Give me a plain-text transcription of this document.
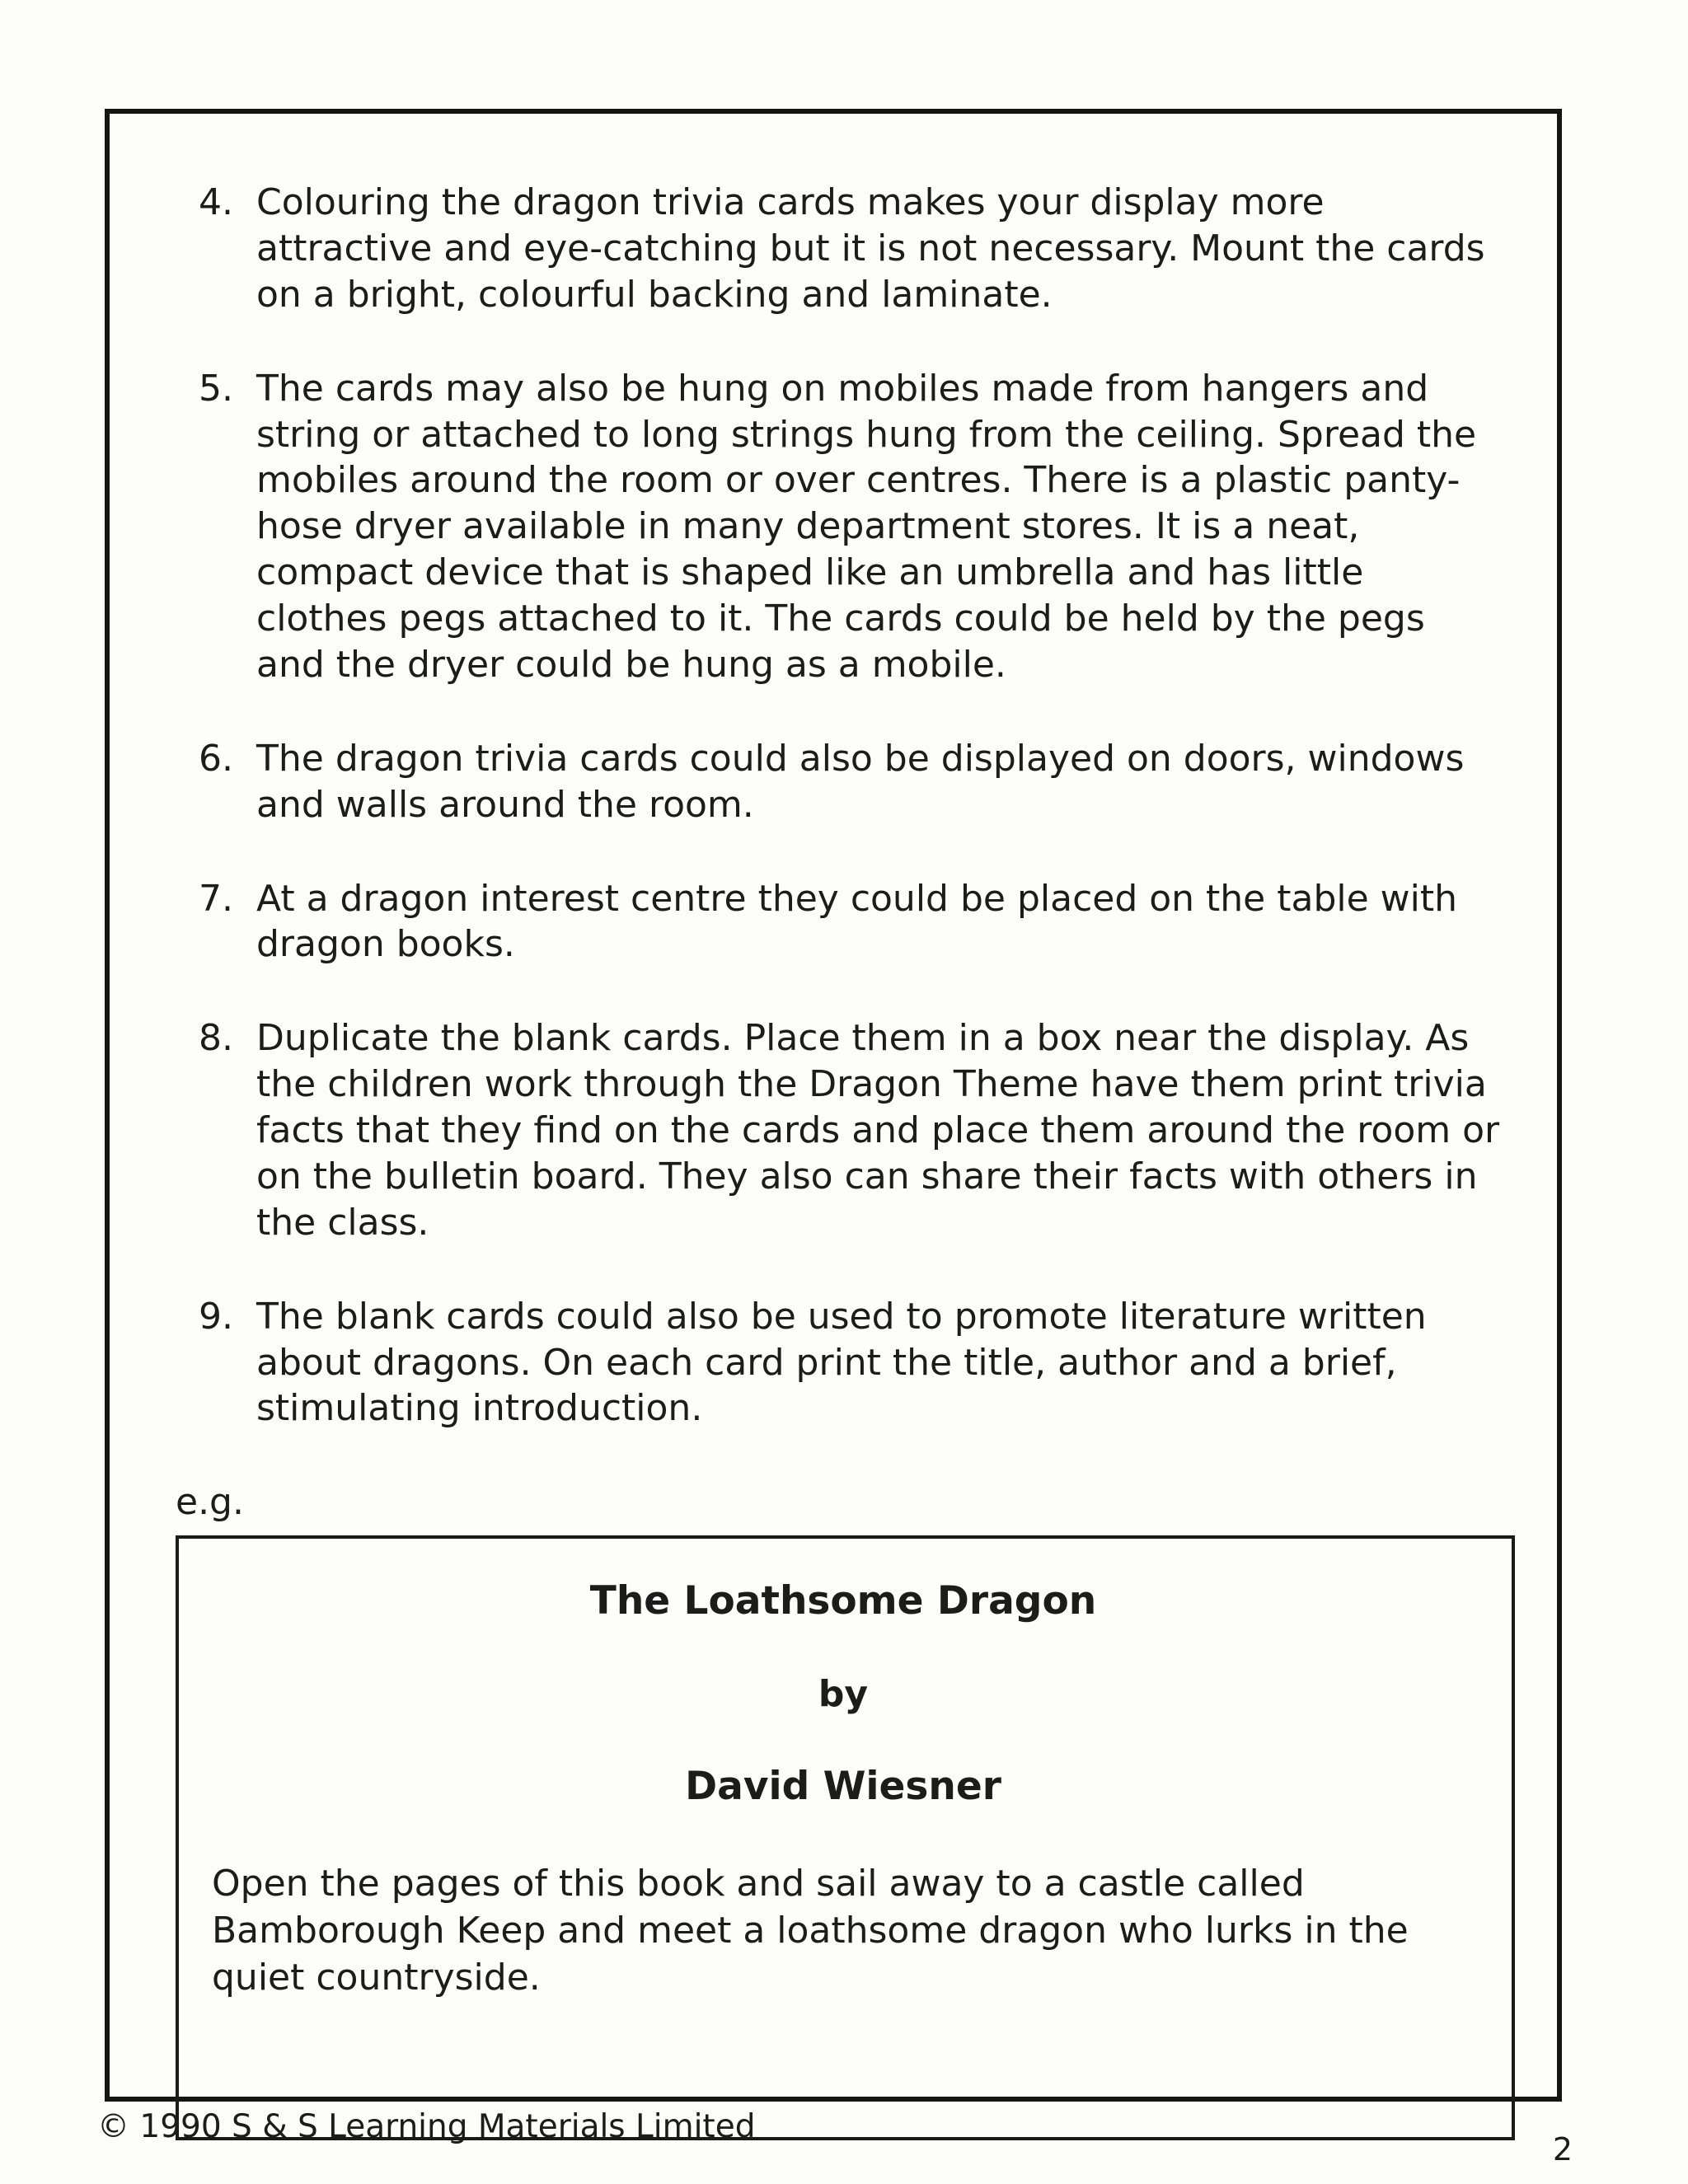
4. Colouring the dragon trivia cards makes your display more attractive and eye-catching but it is not necessary. Mount the cards on a bright, colourful backing and laminate.
5. The cards may also be hung on mobiles made from hangers and string or attached to long strings hung from the ceiling. Spread the mobiles around the room or over centres. There is a plastic panty-hose dryer available in many department stores. It is a neat, compact device that is shaped like an umbrella and has little clothes pegs attached to it. The cards could be held by the pegs and the dryer could be hung as a mobile.
6. The dragon trivia cards could also be displayed on doors, windows and walls around the room.
7. At a dragon interest centre they could be placed on the table with dragon books.
8. Duplicate the blank cards. Place them in a box near the display. As the children work through the Dragon Theme have them print trivia facts that they find on the cards and place them around the room or on the bulletin board. They also can share their facts with others in the class.
9. The blank cards could also be used to promote literature written about dragons. On each card print the title, author and a brief, stimulating introduction.
e.g.
The Loathsome Dragon
by
David Wiesner

Open the pages of this book and sail away to a castle called Bamborough Keep and meet a loathsome dragon who lurks in the quiet countryside.

© 1990 S & S Learning Materials Limited
2
